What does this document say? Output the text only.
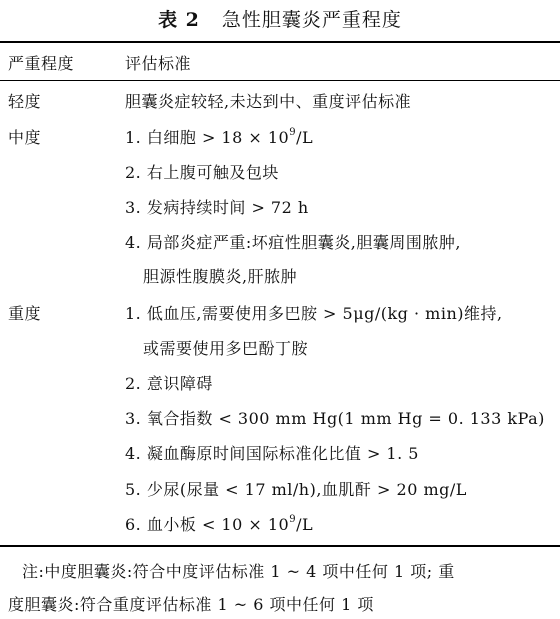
表 2 急性胆囊炎严重程度
严重程度	评估标准
轻度	胆囊炎症较轻,未达到中、重度评估标准
中度	1. 白细胞 > $18 \times 10^9/L$
2. 右上腹可触及包块
3. 发病持续时间 > 72 h
4. 局部炎症严重:坏疽性胆囊炎,胆囊周围脓肿,
胆源性腹膜炎,肝脓肿
重度	1. 低血压,需要使用多巴胺 > 5μg/(kg · min)维持,
或需要使用多巴酚丁胺
2. 意识障碍
3. 氧合指数 < 300 mm Hg(1 mm Hg = 0. 133 kPa)
4. 凝血酶原时间国际标准化比值 > 1. 5
5. 少尿(尿量 < 17 ml/h),血肌酐 > 20 mg/L
6. 血小板 < $10 \times 10^9/L$
注:中度胆囊炎:符合中度评估标准 1 ~ 4 项中任何 1 项; 重
度胆囊炎:符合重度评估标准 1 ~ 6 项中任何 1 项
